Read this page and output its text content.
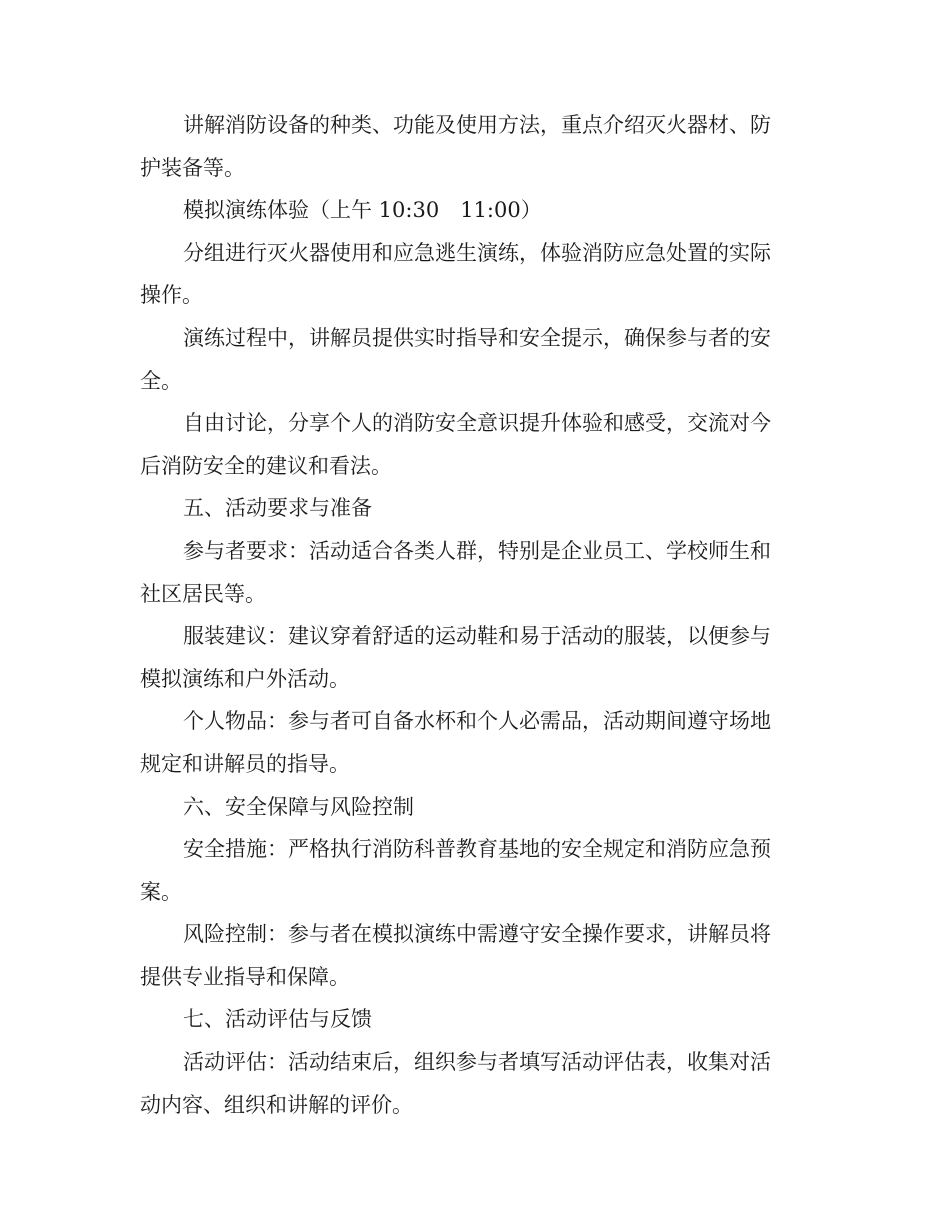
讲解消防设备的种类、功能及使用方法，重点介绍灭火器材、防
护装备等。

模拟演练体验（上午 10:30　11:00）

分组进行灭火器使用和应急逃生演练，体验消防应急处置的实际
操作。

演练过程中，讲解员提供实时指导和安全提示，确保参与者的安
全。

自由讨论，分享个人的消防安全意识提升体验和感受，交流对今
后消防安全的建议和看法。

五、活动要求与准备

参与者要求：活动适合各类人群，特别是企业员工、学校师生和
社区居民等。

服装建议：建议穿着舒适的运动鞋和易于活动的服装，以便参与
模拟演练和户外活动。

个人物品：参与者可自备水杯和个人必需品，活动期间遵守场地
规定和讲解员的指导。

六、安全保障与风险控制

安全措施：严格执行消防科普教育基地的安全规定和消防应急预
案。

风险控制：参与者在模拟演练中需遵守安全操作要求，讲解员将
提供专业指导和保障。

七、活动评估与反馈

活动评估：活动结束后，组织参与者填写活动评估表，收集对活
动内容、组织和讲解的评价。
